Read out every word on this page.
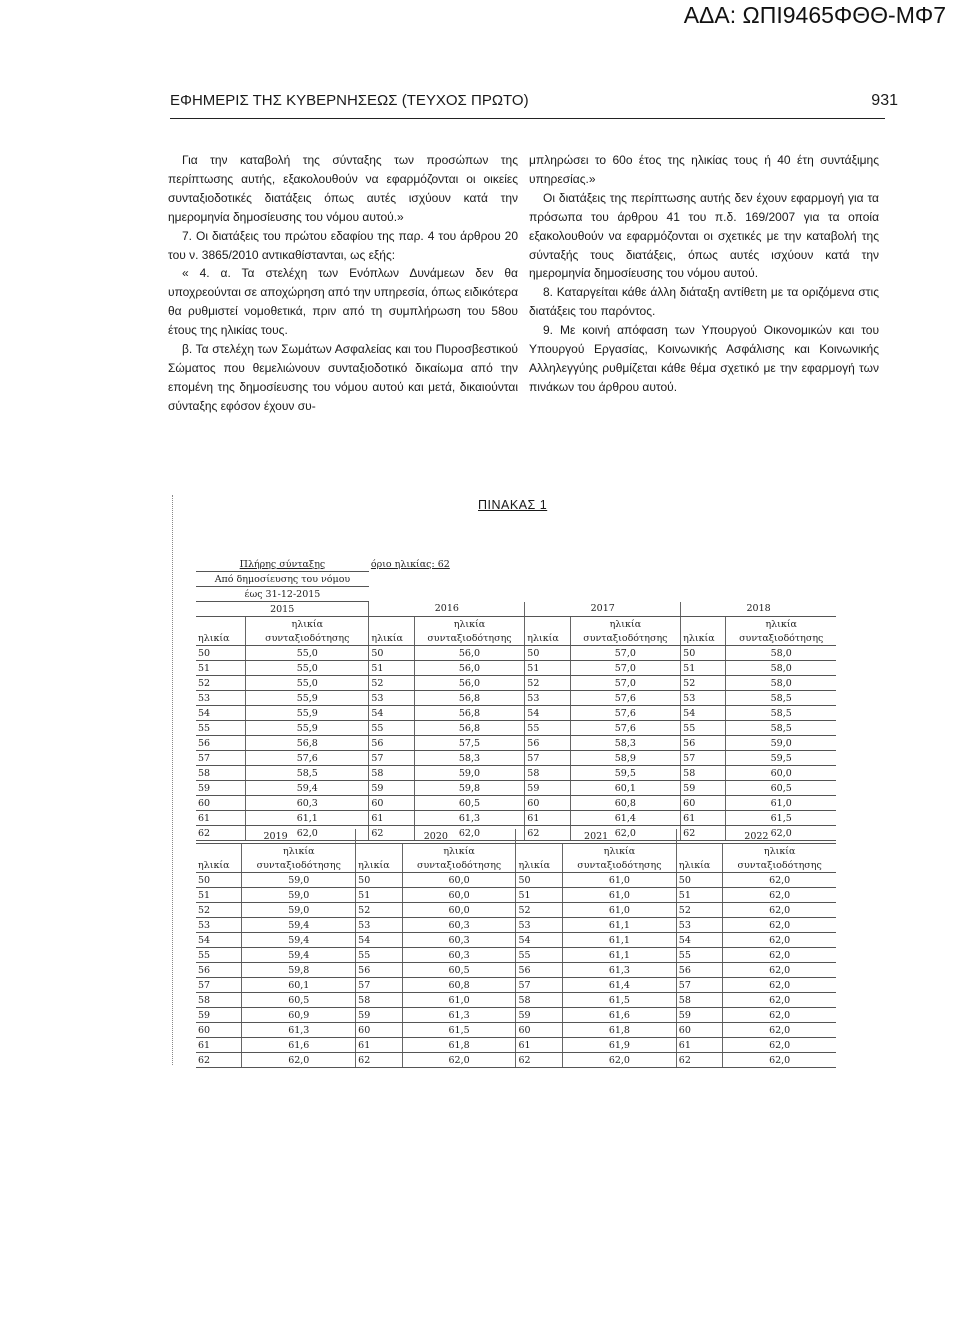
ΑΔΑ: ΩΠΙ9465ΦΘΘ-ΜΦ7
ΕΦΗΜΕΡΙΣ ΤΗΣ ΚΥΒΕΡΝΗΣΕΩΣ (ΤΕΥΧΟΣ ΠΡΩΤΟ)	931

Για την καταβολή της σύνταξης των προσώπων της περίπτωσης αυτής, εξακολουθούν να εφαρμόζονται οι οικείες συνταξιοδοτικές διατάξεις όπως αυτές ισχύουν κατά την ημερομηνία δημοσίευσης του νόμου αυτού.»

7. Οι διατάξεις του πρώτου εδαφίου της παρ. 4 του άρθρου 20 του ν. 3865/2010 αντικαθίστανται, ως εξής:

« 4. α. Τα στελέχη των Ενόπλων Δυνάμεων δεν θα υποχρεούνται σε αποχώρηση από την υπηρεσία, όπως ειδικότερα θα ρυθμιστεί νομοθετικά, πριν από τη συμπλήρωση του 58ου έτους της ηλικίας τους.

β. Τα στελέχη των Σωμάτων Ασφαλείας και του Πυροσβεστικού Σώματος που θεμελιώνουν συνταξιοδοτικό δικαίωμα από την επομένη της δημοσίευσης του νόμου αυτού και μετά, δικαιούνται σύνταξης εφόσον έχουν συ-

μπληρώσει το 60ο έτος της ηλικίας τους ή 40 έτη συντάξιμης υπηρεσίας.»

Οι διατάξεις της περίπτωσης αυτής δεν έχουν εφαρμογή για τα πρόσωπα του άρθρου 41 του π.δ. 169/2007 για τα οποία εξακολουθούν να εφαρμόζονται οι σχετικές με την καταβολή της σύνταξής τους διατάξεις, όπως αυτές ισχύουν κατά την ημερομηνία δημοσίευσης του νόμου αυτού.

8. Καταργείται κάθε άλλη διάταξη αντίθετη με τα οριζόμενα στις διατάξεις του παρόντος.

9. Με κοινή απόφαση των Υπουργού Οικονομικών και του Υπουργού Εργασίας, Κοινωνικής Ασφάλισης και Κοινωνικής Αλληλεγγύης ρυθμίζεται κάθε θέμα σχετικό με την εφαρμογή των πινάκων του άρθρου αυτού.

ΠΙΝΑΚΑΣ 1
Πλήρης σύνταξης		όριο ηλικίας: 62					
Από δημοσίευσης του νόμου							
έως 31-12-2015							
2015		2016		2017		2018	
	ηλικία		ηλικία		ηλικία		ηλικία
ηλικία	συνταξιοδότησης	ηλικία	συνταξιοδότησης	ηλικία	συνταξιοδότησης	ηλικία	συνταξιοδότησης
50	55,0	50	56,0	50	57,0	50	58,0
51	55,0	51	56,0	51	57,0	51	58,0
52	55,0	52	56,0	52	57,0	52	58,0
53	55,9	53	56,8	53	57,6	53	58,5
54	55,9	54	56,8	54	57,6	54	58,5
55	55,9	55	56,8	55	57,6	55	58,5
56	56,8	56	57,5	56	58,3	56	59,0
57	57,6	57	58,3	57	58,9	57	59,5
58	58,5	58	59,0	58	59,5	58	60,0
59	59,4	59	59,8	59	60,1	59	60,5
60	60,3	60	60,5	60	60,8	60	61,0
61	61,1	61	61,3	61	61,4	61	61,5
62	62,0	62	62,0	62	62,0	62	62,0
2019		2020		2021		2022	
	ηλικία		ηλικία		ηλικία		ηλικία
ηλικία	συνταξιοδότησης	ηλικία	συνταξιοδότησης	ηλικία	συνταξιοδότησης	ηλικία	συνταξιοδότησης
50	59,0	50	60,0	50	61,0	50	62,0
51	59,0	51	60,0	51	61,0	51	62,0
52	59,0	52	60,0	52	61,0	52	62,0
53	59,4	53	60,3	53	61,1	53	62,0
54	59,4	54	60,3	54	61,1	54	62,0
55	59,4	55	60,3	55	61,1	55	62,0
56	59,8	56	60,5	56	61,3	56	62,0
57	60,1	57	60,8	57	61,4	57	62,0
58	60,5	58	61,0	58	61,5	58	62,0
59	60,9	59	61,3	59	61,6	59	62,0
60	61,3	60	61,5	60	61,8	60	62,0
61	61,6	61	61,8	61	61,9	61	62,0
62	62,0	62	62,0	62	62,0	62	62,0
